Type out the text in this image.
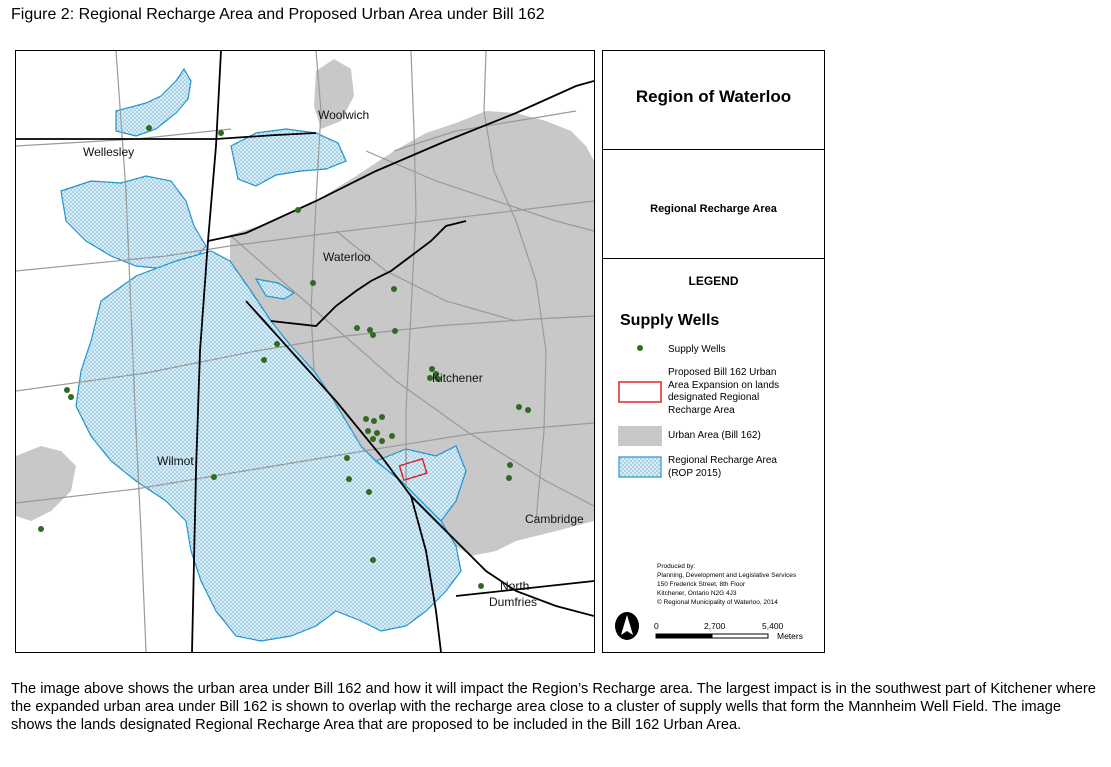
Figure 2: Regional Recharge Area and Proposed Urban Area under Bill 162
Woolwich
Wellesley
Waterloo
Kitchener
Wilmot
Cambridge
North
Dumfries
Region of Waterloo
Regional Recharge Area
LEGEND
Supply Wells
Supply Wells
Proposed Bill 162 Urban
Area Expansion on lands
designated Regional
Recharge Area
Urban Area (Bill 162)
Regional Recharge Area
(ROP 2015)
Produced by:
Planning, Development and Legislative Services
150 Frederick Street, 8th Floor
Kitchener, Ontario N2G 4J3
© Regional Municipality of Waterloo, 2014
0	2,700	5,400
Meters
The image above shows the urban area under Bill 162 and how it will impact the Region’s Recharge area. The largest impact is in the southwest part of Kitchener where the expanded urban area under Bill 162 is shown to overlap with the recharge area close to a cluster of supply wells that form the Mannheim Well Field. The image shows the lands designated Regional Recharge Area that are proposed to be included in the Bill 162 Urban Area.
